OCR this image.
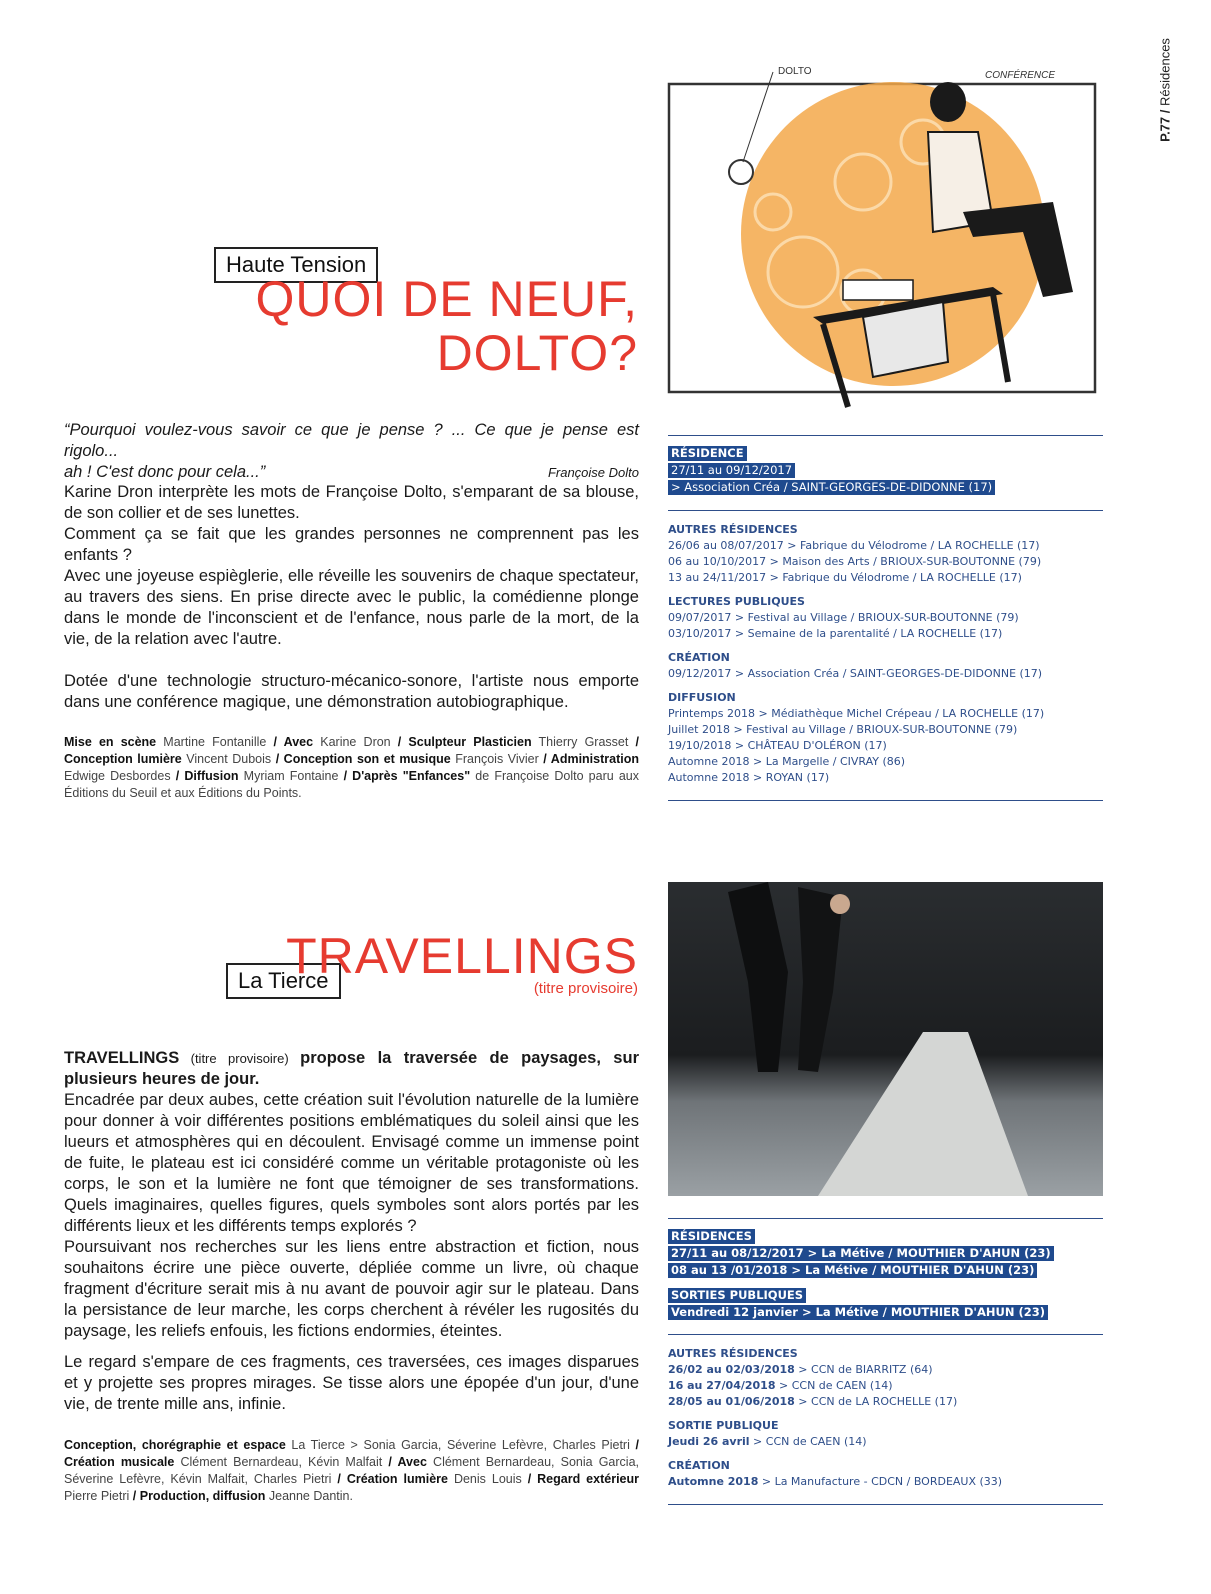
P.77 / Résidences
Haute Tension
QUOI DE NEUF,
DOLTO?
DOLTO	CONFÉRENCE

“Pourquoi voulez-vous savoir ce que je pense ? ... Ce que je pense est rigolo...

ah ! C'est donc pour cela...”	Françoise Dolto

Karine Dron interprète les mots de Françoise Dolto, s'emparant de sa blouse, de son collier et de ses lunettes.

Comment ça se fait que les grandes personnes ne comprennent pas les enfants ?

Avec une joyeuse espièglerie, elle réveille les souvenirs de chaque spectateur, au travers des siens. En prise directe avec le public, la comédienne plonge dans le monde de l'inconscient et de l'enfance, nous parle de la mort, de la vie, de la relation avec l'autre.

Dotée d'une technologie structuro-mécanico-sonore, l'artiste nous emporte dans une conférence magique, une démonstration autobiographique.

Mise en scène Martine Fontanille / Avec Karine Dron / Sculpteur Plasticien Thierry Grasset / Conception lumière Vincent Dubois / Conception son et musique François Vivier / Administration Edwige Desbordes / Diffusion Myriam Fontaine / D'après "Enfances" de Françoise Dolto paru aux Éditions du Seuil et aux Éditions du Points.
RÉSIDENCE
27/11 au 09/12/2017
> Association Créa / SAINT-GEORGES-DE-DIDONNE (17)
AUTRES RÉSIDENCES
26/06 au 08/07/2017 > Fabrique du Vélodrome / LA ROCHELLE (17)
06 au 10/10/2017 > Maison des Arts / BRIOUX-SUR-BOUTONNE (79)
13 au 24/11/2017 > Fabrique du Vélodrome / LA ROCHELLE (17)
LECTURES PUBLIQUES
09/07/2017 > Festival au Village / BRIOUX-SUR-BOUTONNE (79)
03/10/2017 > Semaine de la parentalité / LA ROCHELLE (17)
CRÉATION
09/12/2017 > Association Créa / SAINT-GEORGES-DE-DIDONNE (17)
DIFFUSION
Printemps 2018 > Médiathèque Michel Crépeau / LA ROCHELLE (17)
Juillet 2018 > Festival au Village / BRIOUX-SUR-BOUTONNE (79)
19/10/2018 > CHÂTEAU D'OLÉRON (17)
Automne 2018 > La Margelle / CIVRAY (86)
Automne 2018 > ROYAN (17)
TRAVELLINGS
La Tierce	(titre provisoire)

TRAVELLINGS (titre provisoire) propose la traversée de paysages, sur plusieurs heures de jour.

Encadrée par deux aubes, cette création suit l'évolution naturelle de la lumière pour donner à voir différentes positions emblématiques du soleil ainsi que les lueurs et atmosphères qui en découlent. Envisagé comme un immense point de fuite, le plateau est ici considéré comme un véritable protagoniste où les corps, le son et la lumière ne font que témoigner de ses transformations. Quels imaginaires, quelles figures, quels symboles sont alors portés par les différents lieux et les différents temps explorés ?

Poursuivant nos recherches sur les liens entre abstraction et fiction, nous souhaitons écrire une pièce ouverte, dépliée comme un livre, où chaque fragment d'écriture serait mis à nu avant de pouvoir agir sur le plateau. Dans la persistance de leur marche, les corps cherchent à révéler les rugosités du paysage, les reliefs enfouis, les fictions endormies, éteintes.

Le regard s'empare de ces fragments, ces traversées, ces images disparues et y projette ses propres mirages. Se tisse alors une épopée d'un jour, d'une vie, de trente mille ans, infinie.

Conception, chorégraphie et espace La Tierce > Sonia Garcia, Séverine Lefèvre, Charles Pietri / Création musicale Clément Bernardeau, Kévin Malfait / Avec Clément Bernardeau, Sonia Garcia, Séverine Lefèvre, Kévin Malfait, Charles Pietri / Création lumière Denis Louis / Regard extérieur Pierre Pietri / Production, diffusion Jeanne Dantin.
RÉSIDENCES
27/11 au 08/12/2017 > La Métive / MOUTHIER D'AHUN (23)
08 au 13 /01/2018 > La Métive / MOUTHIER D'AHUN (23)
SORTIES PUBLIQUES
Vendredi 12 janvier > La Métive / MOUTHIER D'AHUN (23)
AUTRES RÉSIDENCES
26/02 au 02/03/2018 > CCN de BIARRITZ (64)
16 au 27/04/2018 > CCN de CAEN (14)
28/05 au 01/06/2018 > CCN de LA ROCHELLE (17)
SORTIE PUBLIQUE
Jeudi 26 avril > CCN de CAEN (14)
CRÉATION
Automne 2018 > La Manufacture - CDCN / BORDEAUX (33)
